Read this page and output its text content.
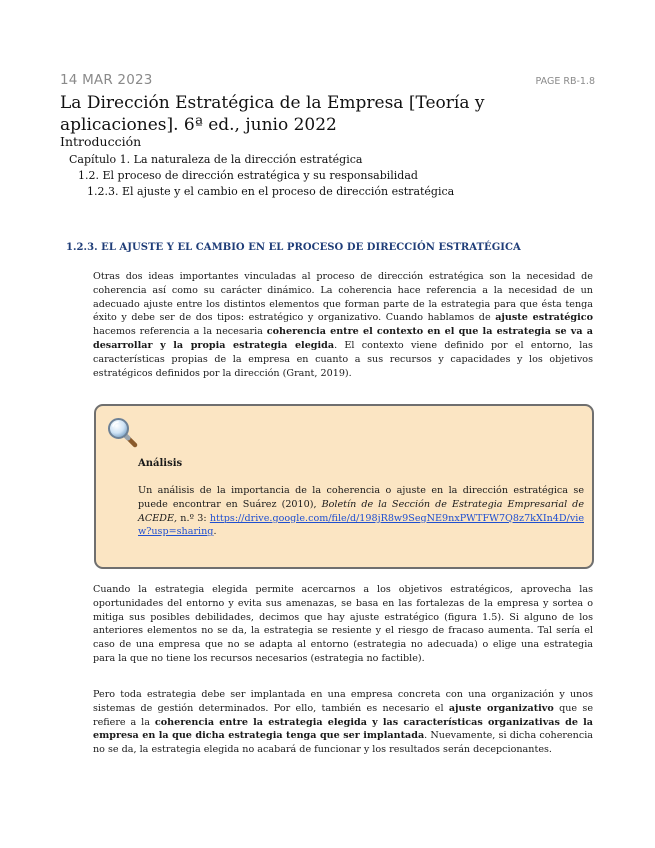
14 MAR 2023	PAGE RB-1.8
La Dirección Estratégica de la Empresa [Teoría y aplicaciones]. 6ª ed., junio 2022
Introducción
Capítulo 1. La naturaleza de la dirección estratégica
1.2. El proceso de dirección estratégica y su responsabilidad
1.2.3. El ajuste y el cambio en el proceso de dirección estratégica
1.2.3. EL AJUSTE Y EL CAMBIO EN EL PROCESO DE DIRECCIÓN ESTRATÉGICA

Otras dos ideas importantes vinculadas al proceso de dirección estratégica son la necesidad de coherencia así como su carácter dinámico. La coherencia hace referencia a la necesidad de un adecuado ajuste entre los distintos elementos que forman parte de la estrategia para que ésta tenga éxito y debe ser de dos tipos: estratégico y organizativo. Cuando hablamos de ajuste estratégico hacemos referencia a la necesaria coherencia entre el contexto en el que la estrategia se va a desarrollar y la propia estrategia elegida. El contexto viene definido por el entorno, las características propias de la empresa en cuanto a sus recursos y capacidades y los objetivos estratégicos definidos por la dirección (Grant, 2019).

Análisis

Un análisis de la importancia de la coherencia o ajuste en la dirección estratégica se puede encontrar en Suárez (2010), Boletín de la Sección de Estrategia Empresarial de ACEDE, n.º 3: https://drive.google.com/file/d/198jR8w9SegNE9nxPWTFW7Q8z7kXIn4D/view?usp=sharing.

Cuando la estrategia elegida permite acercarnos a los objetivos estratégicos, aprovecha las oportunidades del entorno y evita sus amenazas, se basa en las fortalezas de la empresa y sortea o mitiga sus posibles debilidades, decimos que hay ajuste estratégico (figura 1.5). Si alguno de los anteriores elementos no se da, la estrategia se resiente y el riesgo de fracaso aumenta. Tal sería el caso de una empresa que no se adapta al entorno (estrategia no adecuada) o elige una estrategia para la que no tiene los recursos necesarios (estrategia no factible).

Pero toda estrategia debe ser implantada en una empresa concreta con una organización y unos sistemas de gestión determinados. Por ello, también es necesario el ajuste organizativo que se refiere a la coherencia entre la estrategia elegida y las características organizativas de la empresa en la que dicha estrategia tenga que ser implantada. Nuevamente, si dicha coherencia no se da, la estrategia elegida no acabará de funcionar y los resultados serán decepcionantes.
